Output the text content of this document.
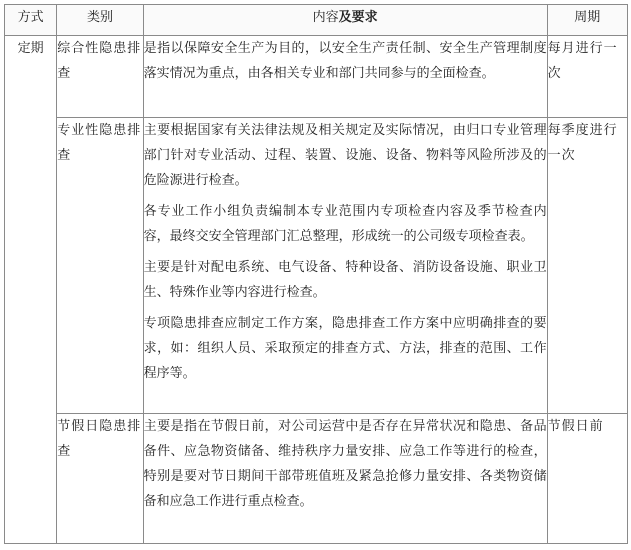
方式	类别	内容及要求	周期
定期	综合性隐患排查	是指以保障安全生产为目的，以安全生产责任制、安全生产管理制度落实情况为重点，由各相关专业和部门共同参与的全面检查。	每月进行一次
	专业性隐患排查	主要根据国家有关法律法规及相关规定及实际情况，由归口专业管理部门针对专业活动、过程、装置、设施、设备、物料等风险所涉及的危险源进行检查。

各专业工作小组负责编制本专业范围内专项检查内容及季节检查内容，最终交安全管理部门汇总整理，形成统一的公司级专项检查表。

主要是针对配电系统、电气设备、特种设备、消防设备设施、职业卫生、特殊作业等内容进行检查。

专项隐患排查应制定工作方案，隐患排查工作方案中应明确排查的要求，如：组织人员、采取预定的排查方式、方法，排查的范围、工作程序等。	每季度进行一次
	节假日隐患排查	主要是指在节假日前，对公司运营中是否存在异常状况和隐患、备品备件、应急物资储备、维持秩序力量安排、应急工作等进行的检查，特别是要对节日期间干部带班值班及紧急抢修力量安排、各类物资储备和应急工作进行重点检查。	节假日前
